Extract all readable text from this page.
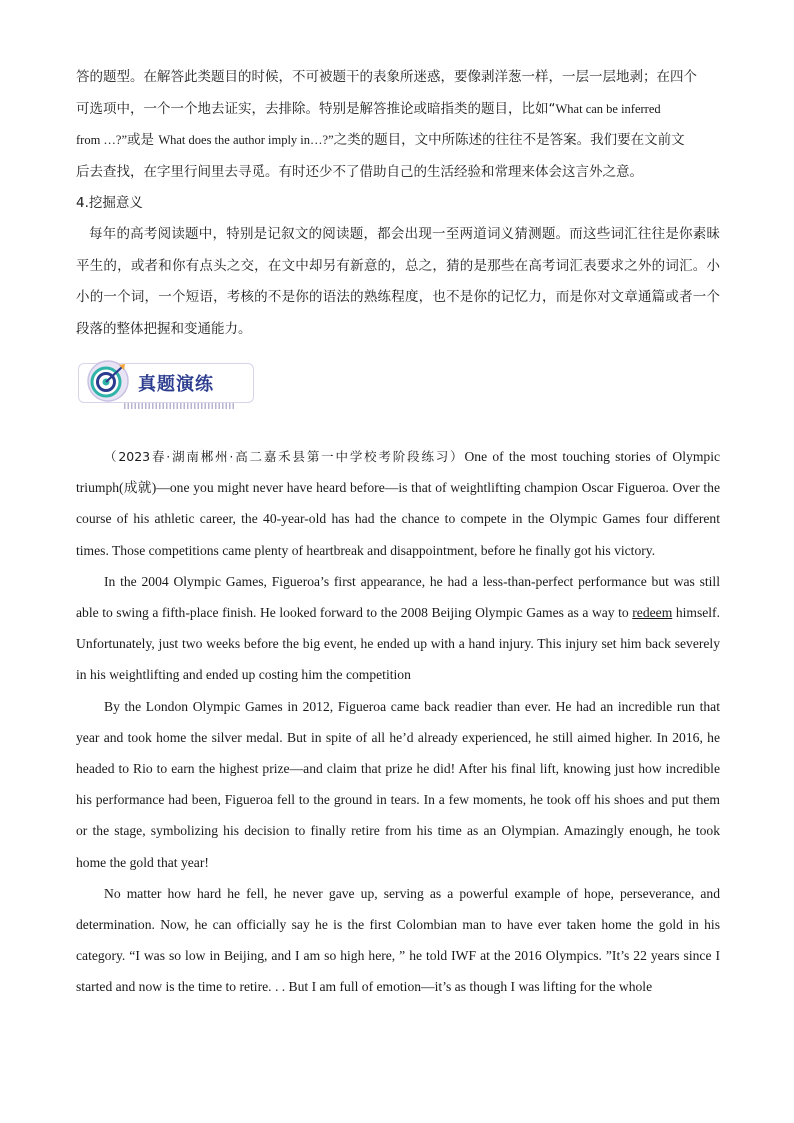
答的题型。在解答此类题目的时候，不可被题干的表象所迷惑，要像剥洋葱一样，一层一层地剥；在四个
可选项中，一个一个地去证实，去排除。特别是解答推论或暗指类的题目，比如“What can be inferred
from …?”或是 What does the author imply in…?”之类的题目，文中所陈述的往往不是答案。我们要在文前文
后去查找，在字里行间里去寻觅。有时还少不了借助自己的生活经验和常理来体会这言外之意。

4.挖掘意义

每年的高考阅读题中，特别是记叙文的阅读题，都会出现一至两道词义猜测题。而这些词汇往往是你素昧平生的，或者和你有点头之交，在文中却另有新意的，总之，猜的是那些在高考词汇表要求之外的词汇。小小的一个词，一个短语，考核的不是你的语法的熟练程度，也不是你的记忆力，而是你对文章通篇或者一个段落的整体把握和变通能力。

真题演练

（2023春·湖南郴州·高二嘉禾县第一中学校考阶段练习）One of the most touching stories of Olympic triumph(成就)—one you might never have heard before—is that of weightlifting champion Oscar Figueroa. Over the course of his athletic career, the 40-year-old has had the chance to compete in the Olympic Games four different times. Those competitions came plenty of heartbreak and disappointment, before he finally got his victory.

In the 2004 Olympic Games, Figueroa’s first appearance, he had a less-than-perfect performance but was still able to swing a fifth-place finish. He looked forward to the 2008 Beijing Olympic Games as a way to redeem himself. Unfortunately, just two weeks before the big event, he ended up with a hand injury. This injury set him back severely in his weightlifting and ended up costing him the competition

By the London Olympic Games in 2012, Figueroa came back readier than ever. He had an incredible run that year and took home the silver medal. But in spite of all he’d already experienced, he still aimed higher. In 2016, he headed to Rio to earn the highest prize—and claim that prize he did! After his final lift, knowing just how incredible his performance had been, Figueroa fell to the ground in tears. In a few moments, he took off his shoes and put them or the stage, symbolizing his decision to finally retire from his time as an Olympian. Amazingly enough, he took home the gold that year!

No matter how hard he fell, he never gave up, serving as a powerful example of hope, perseverance, and determination. Now, he can officially say he is the first Colombian man to have ever taken home the gold in his category. “I was so low in Beijing, and I am so high here, ” he told IWF at the 2016 Olympics. ”It’s 22 years since I started and now is the time to retire. . . But I am full of emotion—it’s as though I was lifting for the whole
